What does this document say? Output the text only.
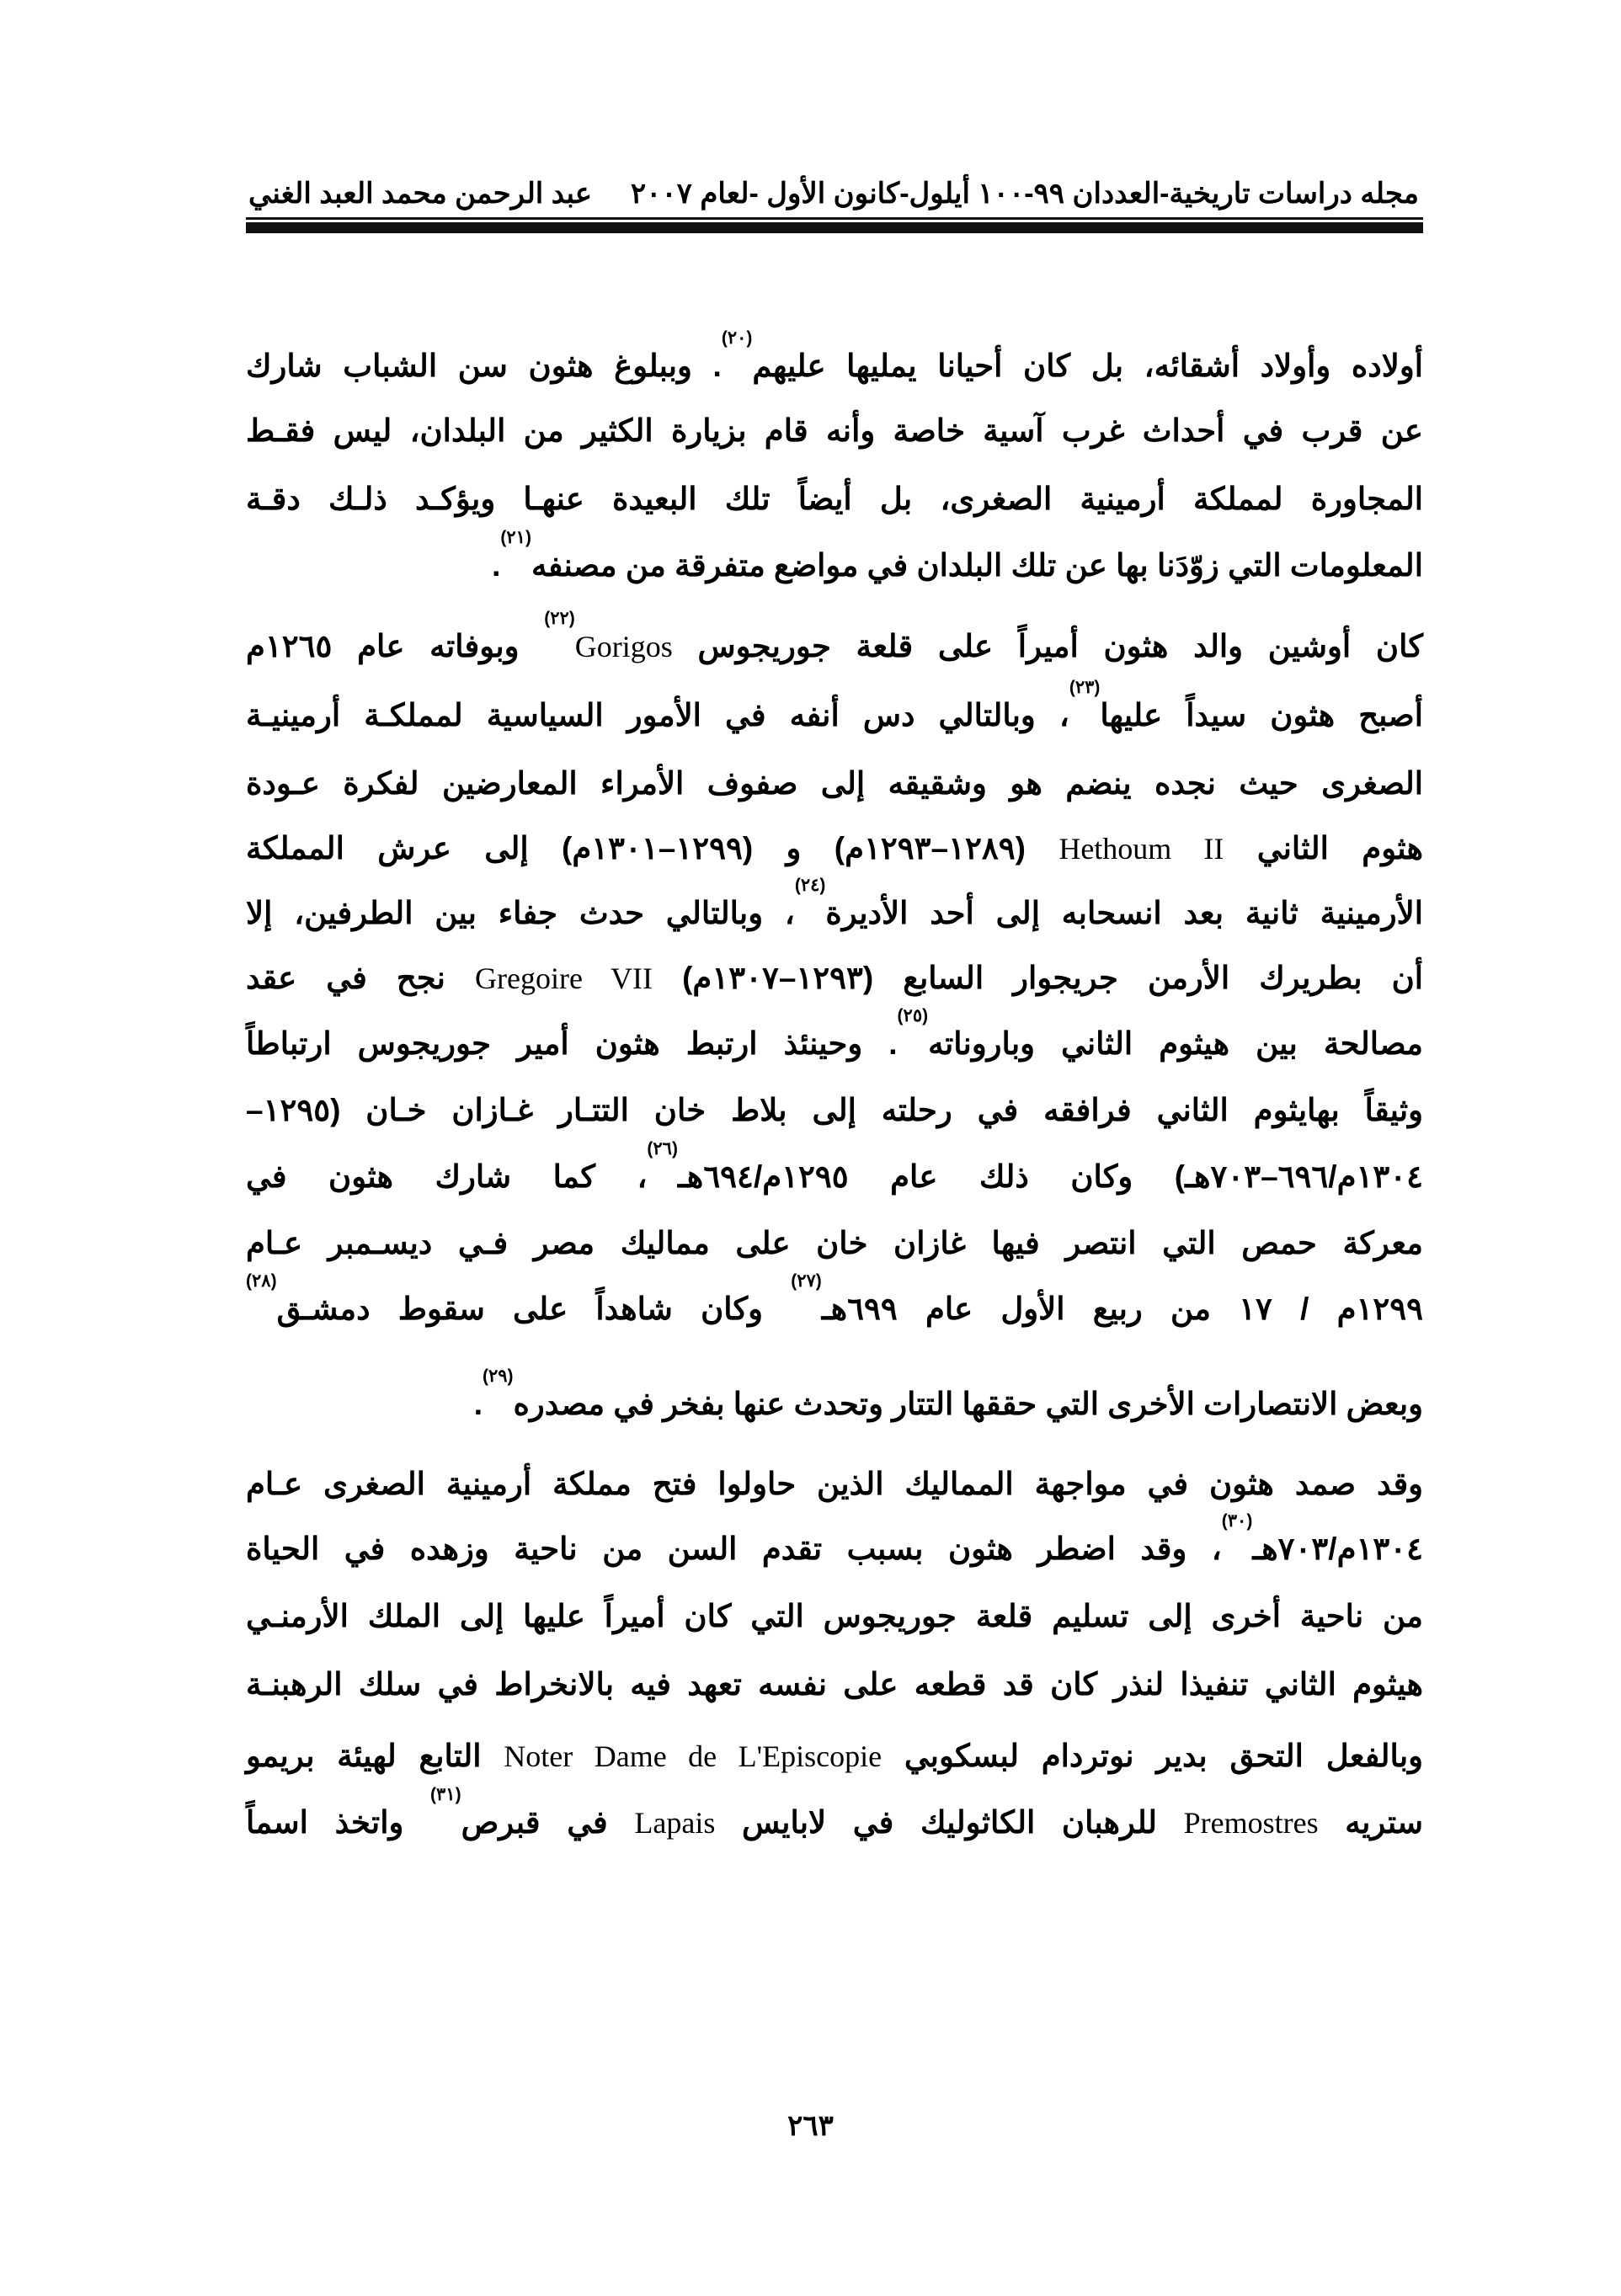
مجله دراسات تاريخية-العددان ٩٩-١٠٠ أيلول-كانون الأول -لعام ٢٠٠٧
عبد الرحمن محمد العبد الغني
أولاده وأولاد أشقائه، بل كان أحيانا يمليها عليهم$^{(٢٠)}$. وببلوغ هثون سن الشباب شارك
عن قرب في أحداث غرب آسية خاصة وأنه قام بزيارة الكثير من البلدان، ليس فقـط
المجاورة لمملكة أرمينية الصغرى، بل أيضاً تلك البعيدة عنهـا ويؤكـد ذلـك دقـة
المعلومات التي زوّدَنا بها عن تلك البلدان في مواضع متفرقة من مصنفه$^{(٢١)}$.
كان أوشين والد هثون أميراً على قلعة جوريجوس Gorigos$^{(٢٢)}$ وبوفاته عام ١٢٦٥م
أصبح هثون سيداً عليها$^{(٢٣)}$، وبالتالي دس أنفه في الأمور السياسية لمملكـة أرمينيـة
الصغرى حيث نجده ينضم هو وشقيقه إلى صفوف الأمراء المعارضين لفكرة عـودة
هثوم الثاني Hethoum II (١٢٨٩–١٢٩٣م) و (١٢٩٩–١٣٠١م) إلى عرش المملكة
الأرمينية ثانية بعد انسحابه إلى أحد الأديرة$^{(٢٤)}$، وبالتالي حدث جفاء بين الطرفين، إلا
أن بطريرك الأرمن جريجوار السابع (١٢٩٣–١٣٠٧م) Gregoire VII نجح في عقد
مصالحة بين هيثوم الثاني وباروناته$^{(٢٥)}$. وحينئذ ارتبط هثون أمير جوريجوس ارتباطاً
وثيقاً بهايثوم الثاني فرافقه في رحلته إلى بلاط خان التتـار غـازان خـان (١٢٩٥–
١٣٠٤م/٦٩٦–٧٠٣هـ) وكان ذلك عام ١٢٩٥م/٦٩٤هـ$^{(٢٦)}$، كما شارك هثون في
معركة حمص التي انتصر فيها غازان خان على مماليك مصر فـي ديسـمبر عـام
١٢٩٩م / ١٧ من ربيع الأول عام ٦٩٩هـ$^{(٢٧)}$ وكان شاهداً على سقوط دمشـق$^{(٢٨)}$
وبعض الانتصارات الأخرى التي حققها التتار وتحدث عنها بفخر في مصدره$^{(٢٩)}$.
وقد صمد هثون في مواجهة المماليك الذين حاولوا فتح مملكة أرمينية الصغرى عـام
١٣٠٤م/٧٠٣هـ$^{(٣٠)}$، وقد اضطر هثون بسبب تقدم السن من ناحية وزهده في الحياة
من ناحية أخرى إلى تسليم قلعة جوريجوس التي كان أميراً عليها إلى الملك الأرمنـي
هيثوم الثاني تنفيذا لنذر كان قد قطعه على نفسه تعهد فيه بالانخراط في سلك الرهبنـة
وبالفعل التحق بدير نوتردام لبسكوبي Noter Dame de L'Episcopie التابع لهيئة بريمو
ستريه Premostres للرهبان الكاثوليك في لابايس Lapais في قبرص$^{(٣١)}$ واتخذ اسماً
٢٦٣
